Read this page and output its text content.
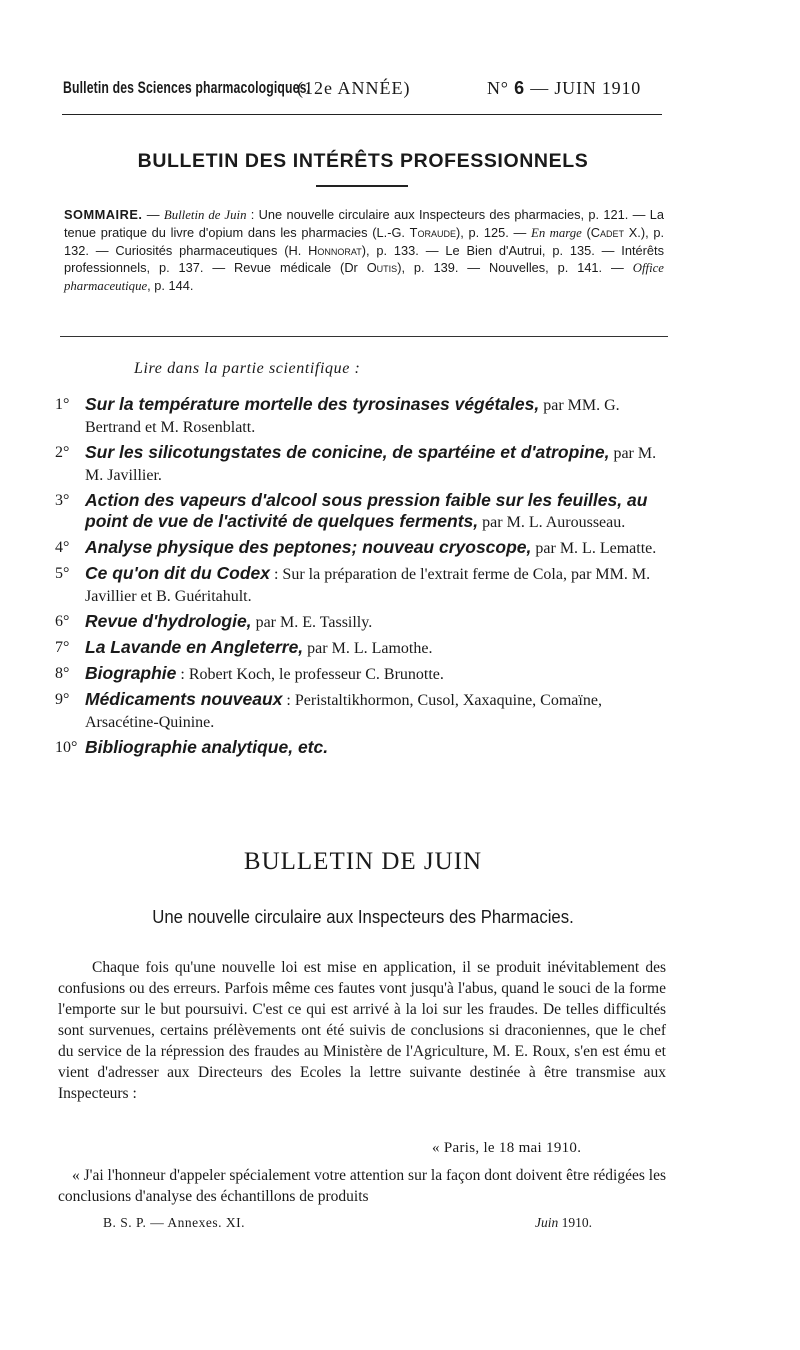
Bulletin des Sciences pharmacologiques.
(12e ANNÉE)	N° 6 — JUIN 1910
BULLETIN DES INTÉRÊTS PROFESSIONNELS
SOMMAIRE. — Bulletin de Juin : Une nouvelle circulaire aux Inspecteurs des pharmacies, p. 121. — La tenue pratique du livre d'opium dans les pharmacies (L.-G. Toraude), p. 125. — En marge (Cadet X.), p. 132. — Curiosités pharmaceutiques (H. Honnorat), p. 133. — Le Bien d'Autrui, p. 135. — Intérêts professionnels, p. 137. — Revue médicale (Dr Outis), p. 139. — Nouvelles, p. 141. — Office pharmaceutique, p. 144.
Lire dans la partie scientifique :
1° Sur la température mortelle des tyrosinases végétales, par MM. G. Bertrand et M. Rosenblatt.
2° Sur les silicotungstates de conicine, de spartéine et d'atropine, par M. M. Javillier.
3° Action des vapeurs d'alcool sous pression faible sur les feuilles, au point de vue de l'activité de quelques ferments, par M. L. Aurousseau.
4° Analyse physique des peptones; nouveau cryoscope, par M. L. Lematte.
5° Ce qu'on dit du Codex : Sur la préparation de l'extrait ferme de Cola, par MM. M. Javillier et B. Guéritahult.
6° Revue d'hydrologie, par M. E. Tassilly.
7° La Lavande en Angleterre, par M. L. Lamothe.
8° Biographie : Robert Koch, le professeur C. Brunotte.
9° Médicaments nouveaux : Peristaltikhormon, Cusol, Xaxaquine, Comaïne, Arsacétine-Quinine.
10° Bibliographie analytique, etc.
BULLETIN DE JUIN
Une nouvelle circulaire aux Inspecteurs des Pharmacies.

Chaque fois qu'une nouvelle loi est mise en application, il se produit inévitablement des confusions ou des erreurs. Parfois même ces fautes vont jusqu'à l'abus, quand le souci de la forme l'emporte sur le but poursuivi. C'est ce qui est arrivé à la loi sur les fraudes. De telles difficultés sont survenues, certains prélèvements ont été suivis de conclusions si draconiennes, que le chef du service de la répression des fraudes au Ministère de l'Agriculture, M. E. Roux, s'en est ému et vient d'adresser aux Directeurs des Ecoles la lettre suivante destinée à être transmise aux Inspecteurs :

« Paris, le 18 mai 1910.

« J'ai l'honneur d'appeler spécialement votre attention sur la façon dont doivent être rédigées les conclusions d'analyse des échantillons de produits

B. S. P. — Annexes. XI.	Juin 1910.
